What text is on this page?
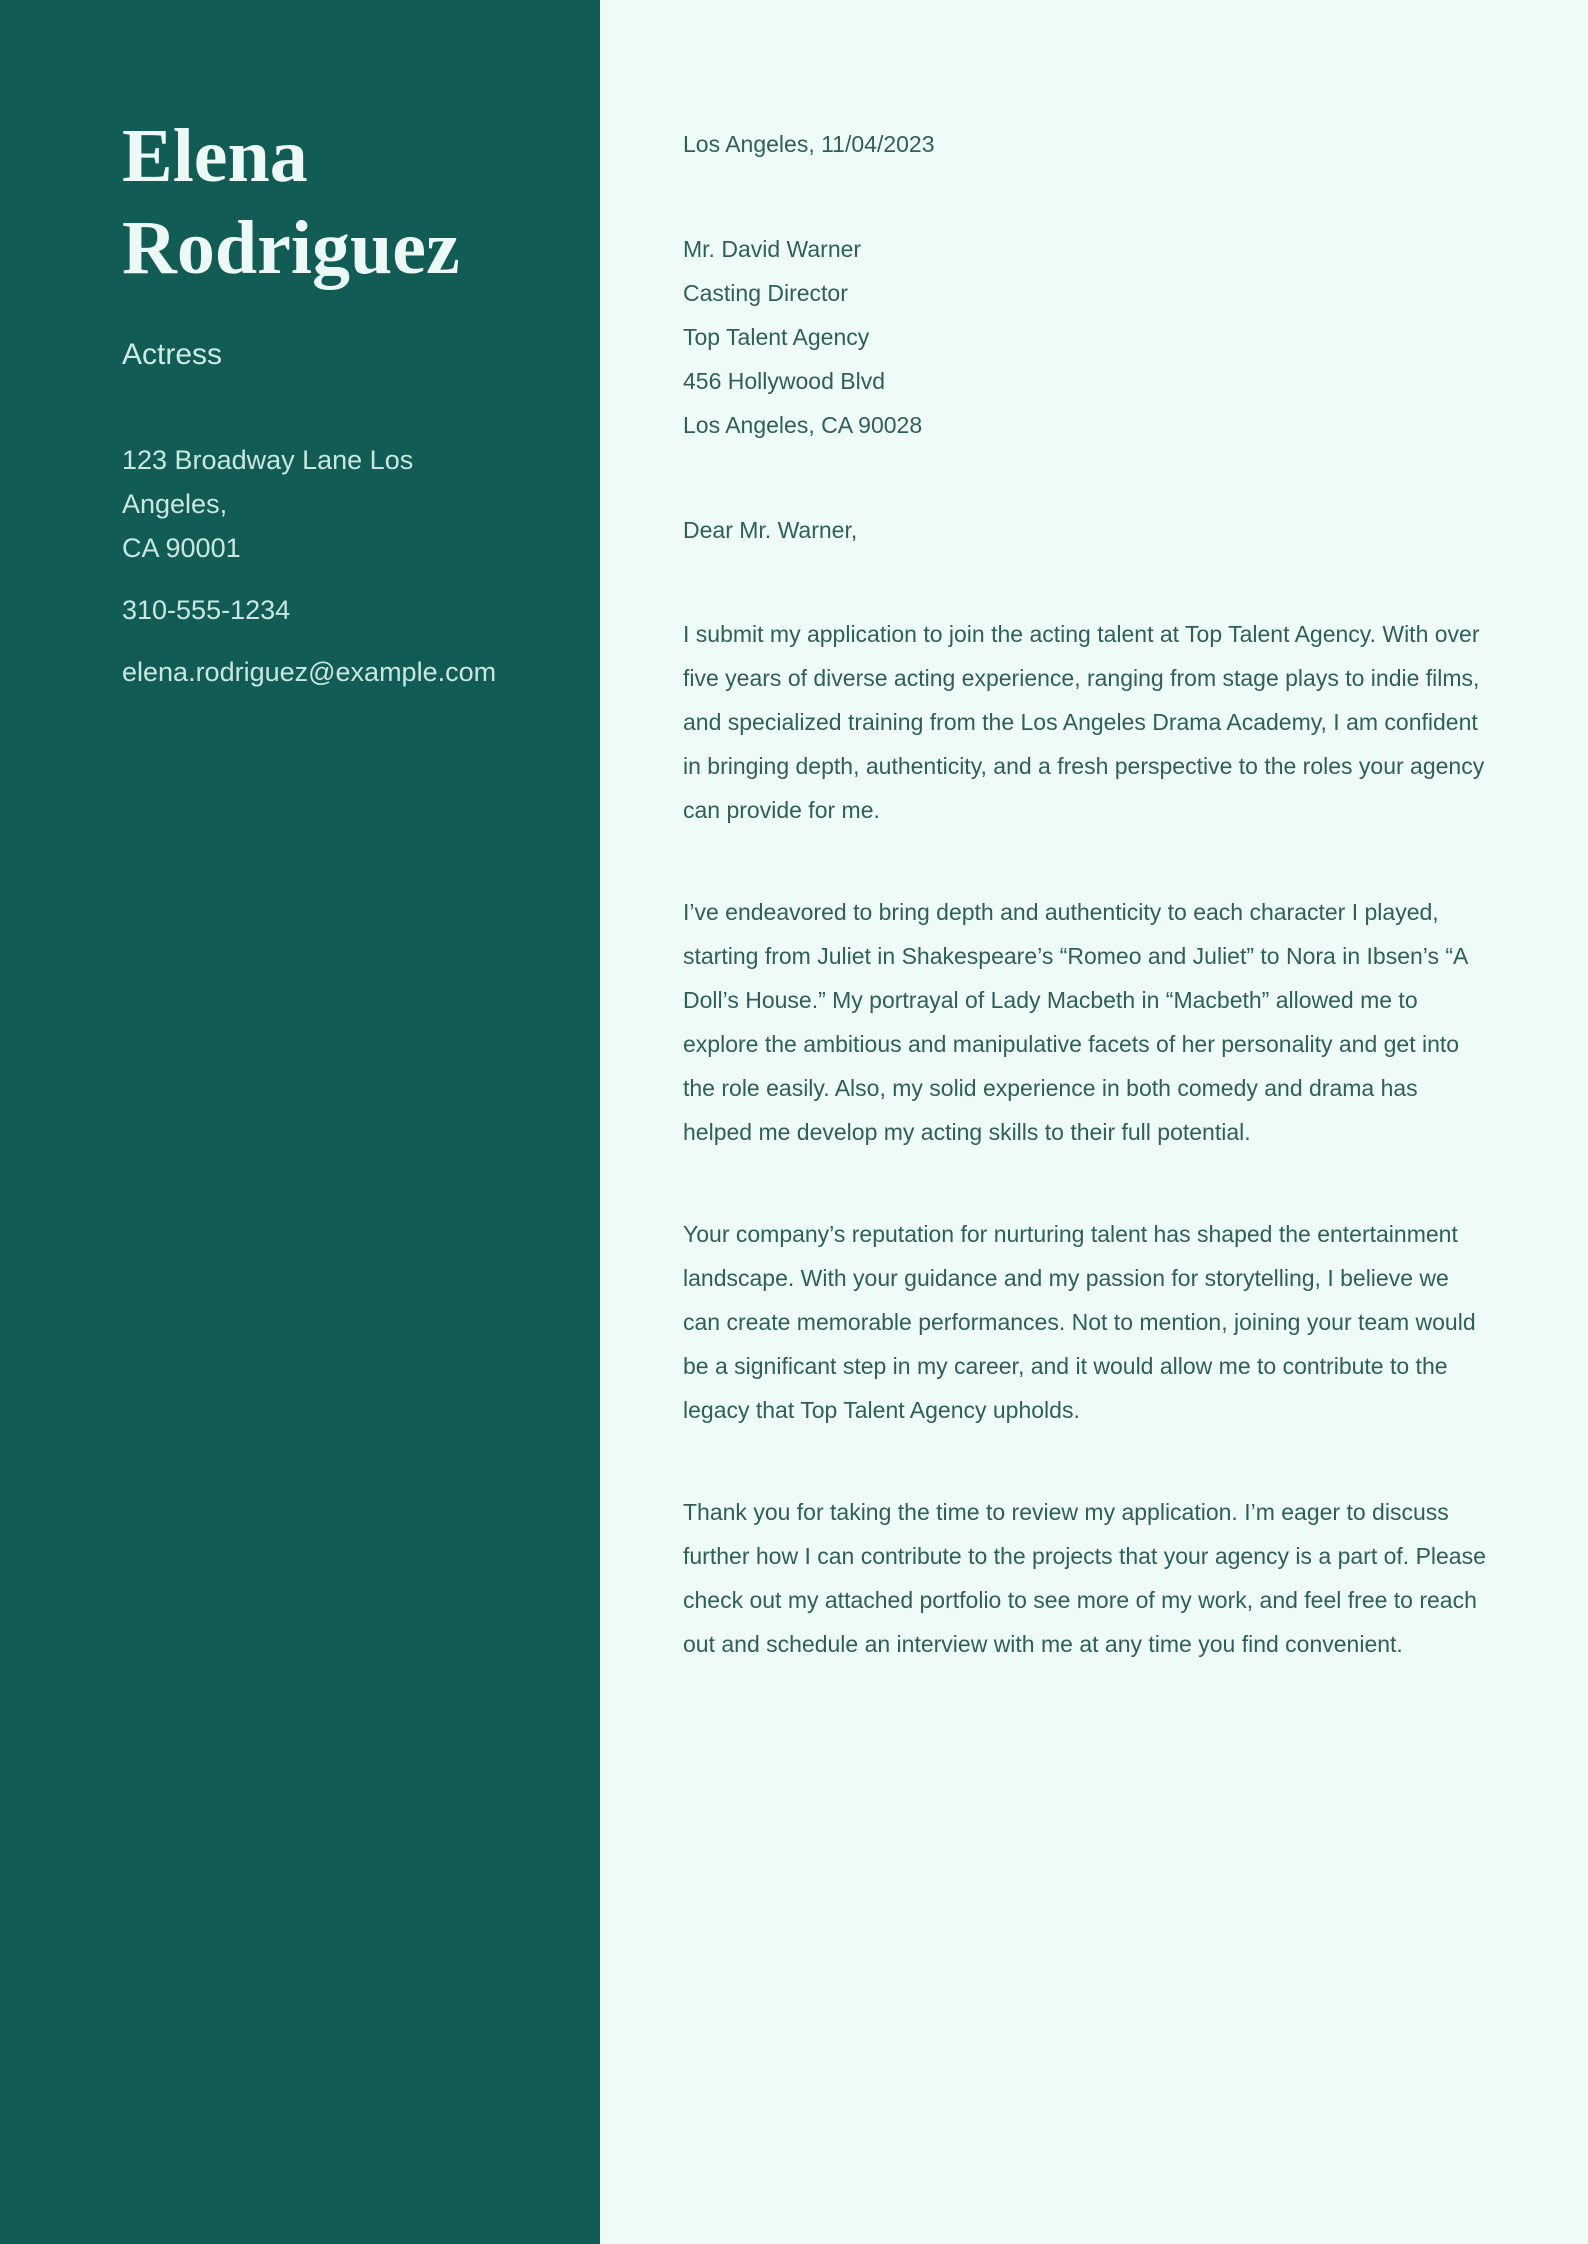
Elena Rodriguez
Actress
123 Broadway Lane Los Angeles,
CA 90001
310-555-1234
elena.rodriguez@example.com
Los Angeles, 11/04/2023
Mr. David Warner
Casting Director
Top Talent Agency
456 Hollywood Blvd
Los Angeles, CA 90028
Dear Mr. Warner,

I submit my application to join the acting talent at Top Talent Agency. With over five years of diverse acting experience, ranging from stage plays to indie films, and specialized training from the Los Angeles Drama Academy, I am confident in bringing depth, authenticity, and a fresh perspective to the roles your agency can provide for me.

I’ve endeavored to bring depth and authenticity to each character I played, starting from Juliet in Shakespeare’s “Romeo and Juliet” to Nora in Ibsen’s “A Doll’s House.” My portrayal of Lady Macbeth in “Macbeth” allowed me to explore the ambitious and manipulative facets of her personality and get into the role easily. Also, my solid experience in both comedy and drama has helped me develop my acting skills to their full potential.

Your company’s reputation for nurturing talent has shaped the entertainment landscape. With your guidance and my passion for storytelling, I believe we can create memorable performances. Not to mention, joining your team would be a significant step in my career, and it would allow me to contribute to the legacy that Top Talent Agency upholds.

Thank you for taking the time to review my application. I’m eager to discuss further how I can contribute to the projects that your agency is a part of. Please check out my attached portfolio to see more of my work, and feel free to reach out and schedule an interview with me at any time you find convenient.
